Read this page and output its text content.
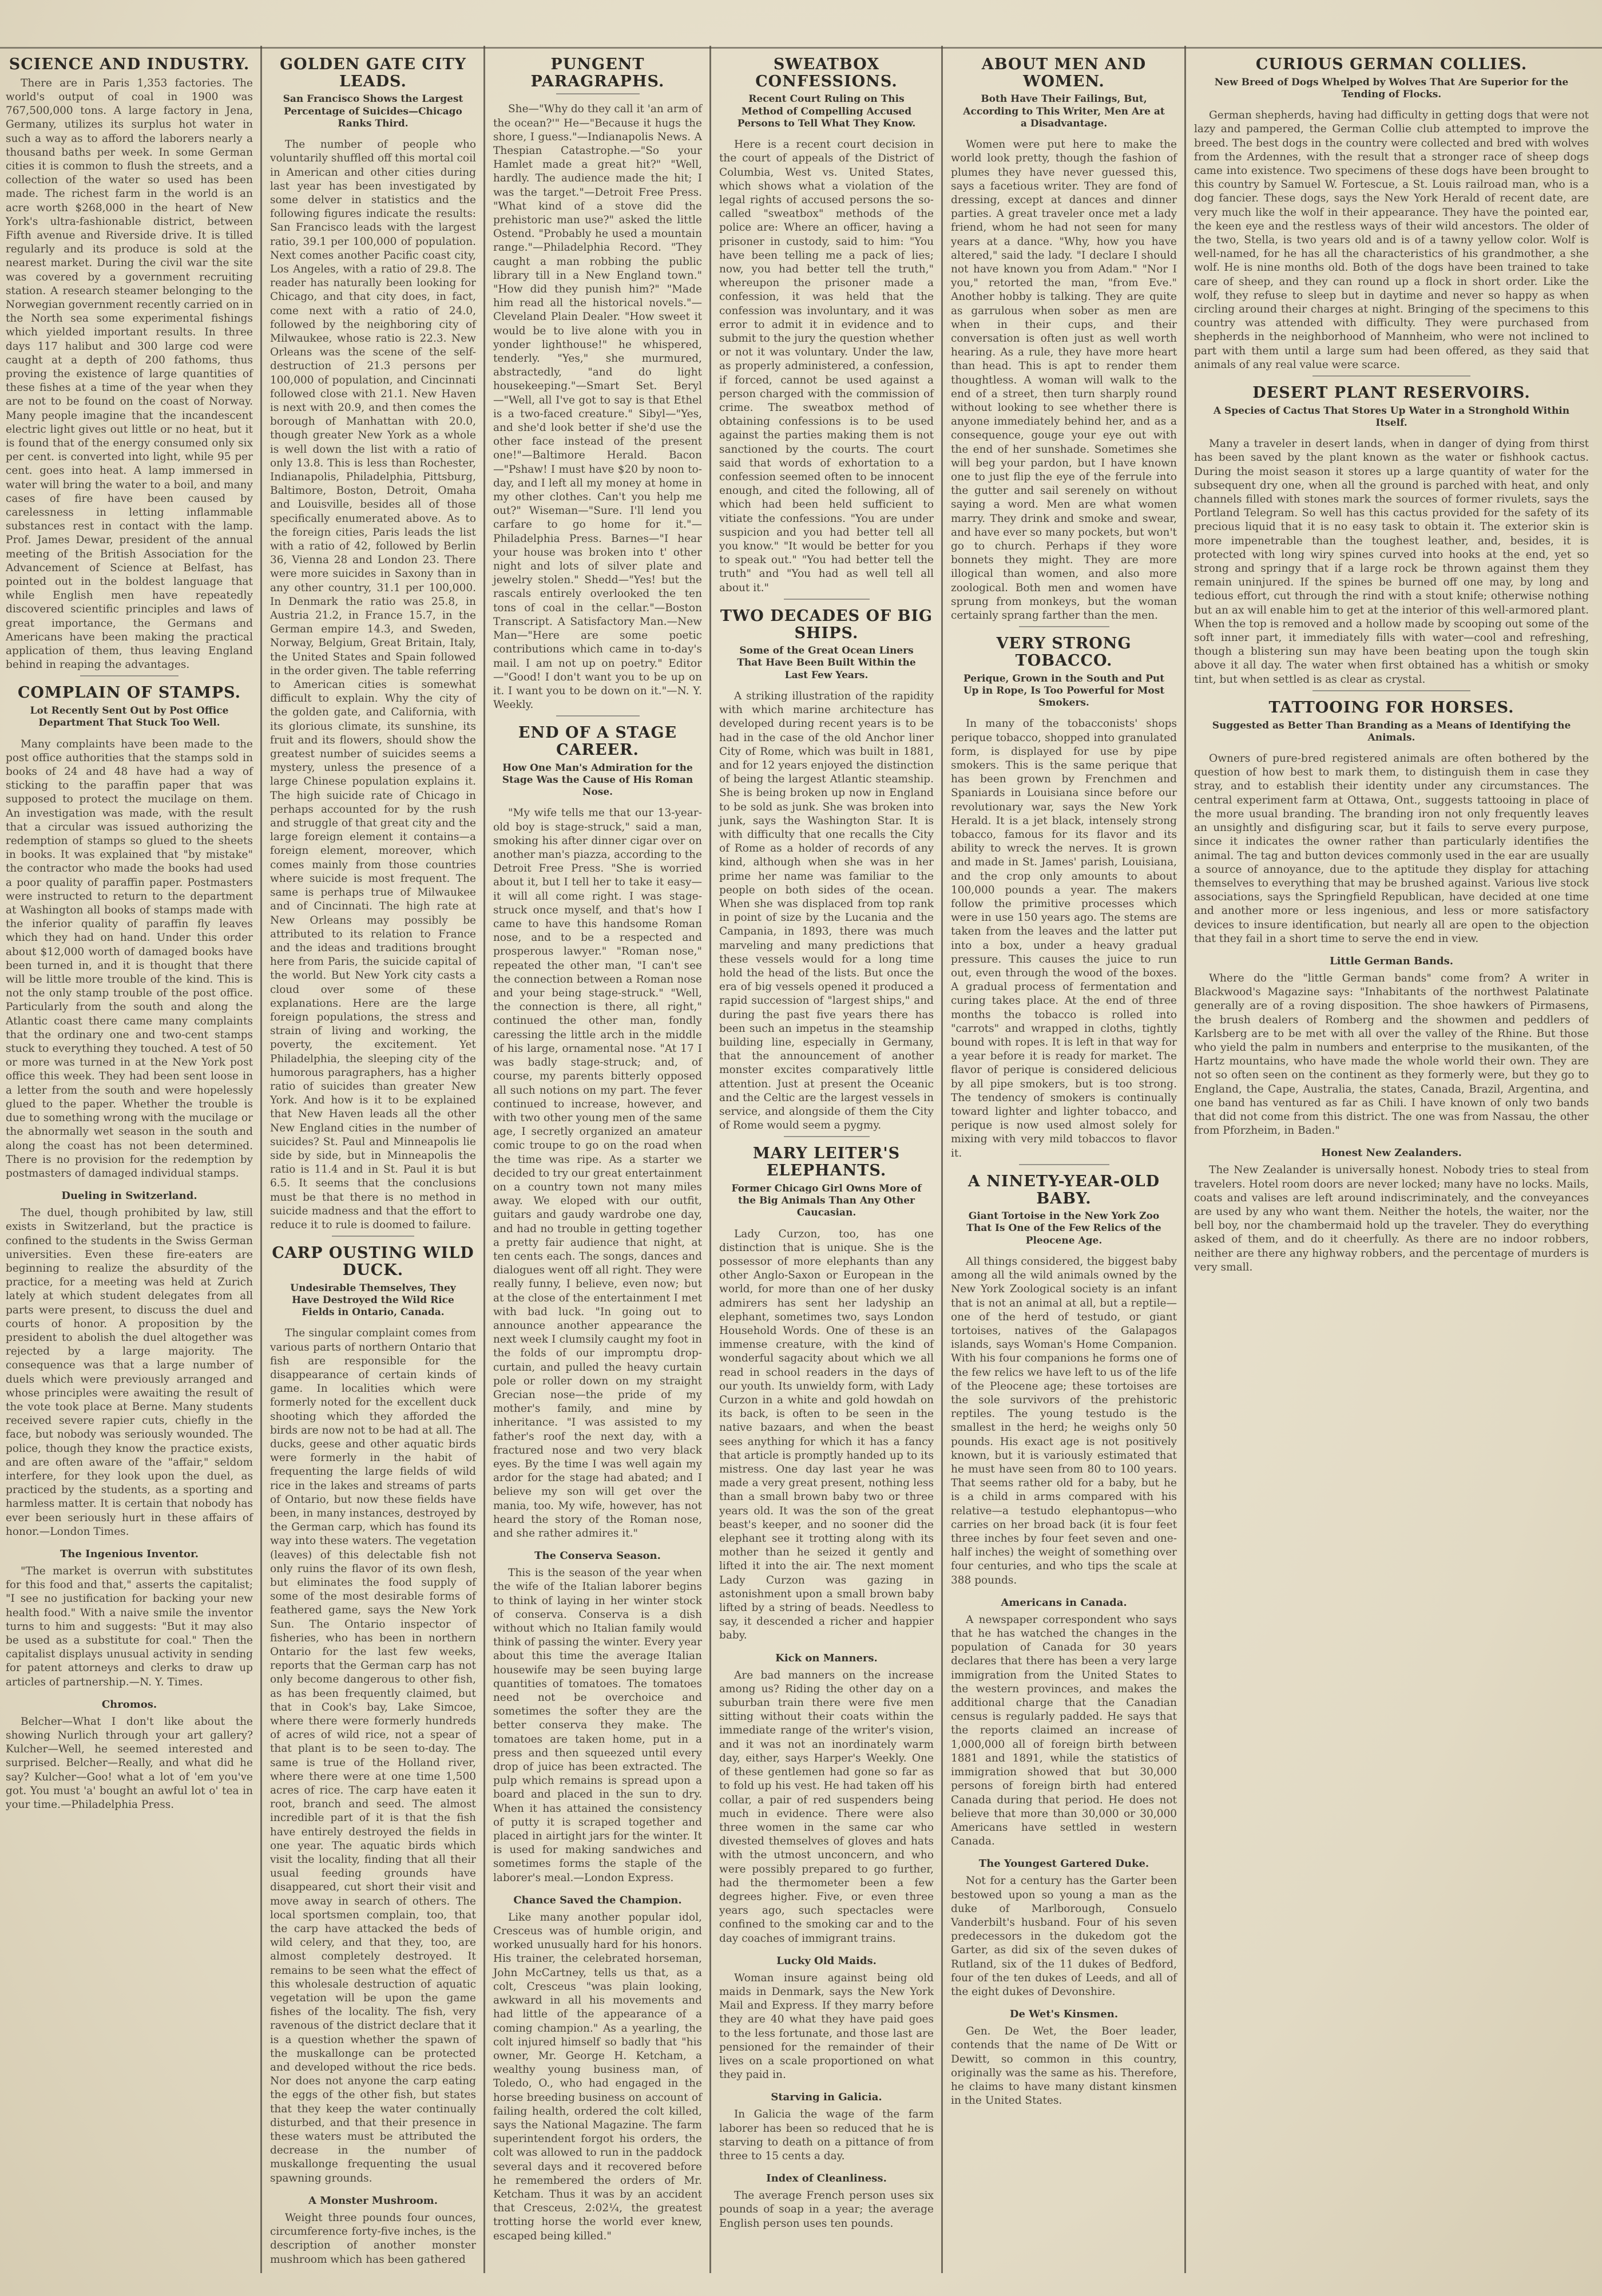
SCIENCE AND INDUSTRY.

There are in Paris 1,353 factories. The world's output of coal in 1900 was 767,500,000 tons. A large factory in Jena, Germany, utilizes its surplus hot water in such a way as to afford the laborers nearly a thousand baths per week. In some German cities it is common to flush the streets, and a collection of the water so used has been made. The richest farm in the world is an acre worth $268,000 in the heart of New York's ultra-fashionable district, between Fifth avenue and Riverside drive. It is tilled regularly and its produce is sold at the nearest market. During the civil war the site was covered by a government recruiting station. A research steamer belonging to the Norwegian government recently carried on in the North sea some experimental fishings which yielded important results. In three days 117 halibut and 300 large cod were caught at a depth of 200 fathoms, thus proving the existence of large quantities of these fishes at a time of the year when they are not to be found on the coast of Norway. Many people imagine that the incandescent electric light gives out little or no heat, but it is found that of the energy consumed only six per cent. is converted into light, while 95 per cent. goes into heat. A lamp immersed in water will bring the water to a boil, and many cases of fire have been caused by carelessness in letting inflammable substances rest in contact with the lamp. Prof. James Dewar, president of the annual meeting of the British Association for the Advancement of Science at Belfast, has pointed out in the boldest language that while English men have repeatedly discovered scientific principles and laws of great importance, the Germans and Americans have been making the practical application of them, thus leaving England behind in reaping the advantages.

COMPLAIN OF STAMPS.
Lot Recently Sent Out by Post Office Department That Stuck Too Well.

Many complaints have been made to the post office authorities that the stamps sold in books of 24 and 48 have had a way of sticking to the paraffin paper that was supposed to protect the mucilage on them. An investigation was made, with the result that a circular was issued authorizing the redemption of stamps so glued to the sheets in books. It was explained that "by mistake" the contractor who made the books had used a poor quality of paraffin paper. Postmasters were instructed to return to the department at Washington all books of stamps made with the inferior quality of paraffin fly leaves which they had on hand. Under this order about $12,000 worth of damaged books have been turned in, and it is thought that there will be little more trouble of the kind. This is not the only stamp trouble of the post office. Particularly from the south and along the Atlantic coast there came many complaints that the ordinary one and two-cent stamps stuck to everything they touched. A test of 50 or more was turned in at the New York post office this week. They had been sent loose in a letter from the south and were hopelessly glued to the paper. Whether the trouble is due to something wrong with the mucilage or the abnormally wet season in the south and along the coast has not been determined. There is no provision for the redemption by postmasters of damaged individual stamps.

Dueling in Switzerland.

The duel, though prohibited by law, still exists in Switzerland, but the practice is confined to the students in the Swiss German universities. Even these fire-eaters are beginning to realize the absurdity of the practice, for a meeting was held at Zurich lately at which student delegates from all parts were present, to discuss the duel and courts of honor. A proposition by the president to abolish the duel altogether was rejected by a large majority. The consequence was that a large number of duels which were previously arranged and whose principles were awaiting the result of the vote took place at Berne. Many students received severe rapier cuts, chiefly in the face, but nobody was seriously wounded. The police, though they know the practice exists, and are often aware of the "affair," seldom interfere, for they look upon the duel, as practiced by the students, as a sporting and harmless matter. It is certain that nobody has ever been seriously hurt in these affairs of honor.—London Times.

The Ingenious Inventor.

"The market is overrun with substitutes for this food and that," asserts the capitalist; "I see no justification for backing your new health food." With a naive smile the inventor turns to him and suggests: "But it may also be used as a substitute for coal." Then the capitalist displays unusual activity in sending for patent attorneys and clerks to draw up articles of partnership.—N. Y. Times.

Chromos.

Belcher—What I don't like about the showing Nurlich through your art gallery? Kulcher—Well, he seemed interested and surprised. Belcher—Really, and what did he say? Kulcher—Goo! what a lot of 'em you've got. You must 'a' bought an awful lot o' tea in your time.—Philadelphia Press.

GOLDEN GATE CITY LEADS.
San Francisco Shows the Largest Percentage of Suicides—Chicago Ranks Third.

The number of people who voluntarily shuffled off this mortal coil in American and other cities during last year has been investigated by some delver in statistics and the following figures indicate the results: San Francisco leads with the largest ratio, 39.1 per 100,000 of population. Next comes another Pacific coast city, Los Angeles, with a ratio of 29.8. The reader has naturally been looking for Chicago, and that city does, in fact, come next with a ratio of 24.0, followed by the neighboring city of Milwaukee, whose ratio is 22.3. New Orleans was the scene of the self-destruction of 21.3 persons per 100,000 of population, and Cincinnati followed close with 21.1. New Haven is next with 20.9, and then comes the borough of Manhattan with 20.0, though greater New York as a whole is well down the list with a ratio of only 13.8. This is less than Rochester, Indianapolis, Philadelphia, Pittsburg, Baltimore, Boston, Detroit, Omaha and Louisville, besides all of those specifically enumerated above. As to the foreign cities, Paris leads the list with a ratio of 42, followed by Berlin 36, Vienna 28 and London 23. There were more suicides in Saxony than in any other country, 31.1 per 100,000. In Denmark the ratio was 25.8, in Austria 21.2, in France 15.7, in the German empire 14.3, and Sweden, Norway, Belgium, Great Britain, Italy, the United States and Spain followed in the order given. The table referring to American cities is somewhat difficult to explain. Why the city of the golden gate, and California, with its glorious climate, its sunshine, its fruit and its flowers, should show the greatest number of suicides seems a mystery, unless the presence of a large Chinese population explains it. The high suicide rate of Chicago in perhaps accounted for by the rush and struggle of that great city and the large foreign element it contains—a foreign element, moreover, which comes mainly from those countries where suicide is most frequent. The same is perhaps true of Milwaukee and of Cincinnati. The high rate at New Orleans may possibly be attributed to its relation to France and the ideas and traditions brought here from Paris, the suicide capital of the world. But New York city casts a cloud over some of these explanations. Here are the large foreign populations, the stress and strain of living and working, the poverty, the excitement. Yet Philadelphia, the sleeping city of the humorous paragraphers, has a higher ratio of suicides than greater New York. And how is it to be explained that New Haven leads all the other New England cities in the number of suicides? St. Paul and Minneapolis lie side by side, but in Minneapolis the ratio is 11.4 and in St. Paul it is but 6.5. It seems that the conclusions must be that there is no method in suicide madness and that the effort to reduce it to rule is doomed to failure.

CARP OUSTING WILD DUCK.
Undesirable Themselves, They Have Destroyed the Wild Rice Fields in Ontario, Canada.

The singular complaint comes from various parts of northern Ontario that fish are responsible for the disappearance of certain kinds of game. In localities which were formerly noted for the excellent duck shooting which they afforded the birds are now not to be had at all. The ducks, geese and other aquatic birds were formerly in the habit of frequenting the large fields of wild rice in the lakes and streams of parts of Ontario, but now these fields have been, in many instances, destroyed by the German carp, which has found its way into these waters. The vegetation (leaves) of this delectable fish not only ruins the flavor of its own flesh, but eliminates the food supply of some of the most desirable forms of feathered game, says the New York Sun. The Ontario inspector of fisheries, who has been in northern Ontario for the last few weeks, reports that the German carp has not only become dangerous to other fish, as has been frequently claimed, but that in Cook's bay, Lake Simcoe, where there were formerly hundreds of acres of wild rice, not a spear of that plant is to be seen to-day. The same is true of the Holland river, where there were at one time 1,500 acres of rice. The carp have eaten it root, branch and seed. The almost incredible part of it is that the fish have entirely destroyed the fields in one year. The aquatic birds which visit the locality, finding that all their usual feeding grounds have disappeared, cut short their visit and move away in search of others. The local sportsmen complain, too, that the carp have attacked the beds of wild celery, and that they, too, are almost completely destroyed. It remains to be seen what the effect of this wholesale destruction of aquatic vegetation will be upon the game fishes of the locality. The fish, very ravenous of the district declare that it is a question whether the spawn of the muskallonge can be protected and developed without the rice beds. Nor does not anyone the carp eating the eggs of the other fish, but states that they keep the water continually disturbed, and that their presence in these waters must be attributed the decrease in the number of muskallonge frequenting the usual spawning grounds.

A Monster Mushroom.

Weight three pounds four ounces, circumference forty-five inches, is the description of another monster mushroom which has been gathered

PUNGENT PARAGRAPHS.

She—"Why do they call it 'an arm of the ocean?'" He—"Because it hugs the shore, I guess."—Indianapolis News. A Thespian Catastrophe.—"So your Hamlet made a great hit?" "Well, hardly. The audience made the hit; I was the target."—Detroit Free Press. "What kind of a stove did the prehistoric man use?" asked the little Ostend. "Probably he used a mountain range."—Philadelphia Record. "They caught a man robbing the public library till in a New England town." "How did they punish him?" "Made him read all the historical novels."—Cleveland Plain Dealer. "How sweet it would be to live alone with you in yonder lighthouse!" he whispered, tenderly. "Yes," she murmured, abstractedly, "and do light housekeeping."—Smart Set. Beryl—"Well, all I've got to say is that Ethel is a two-faced creature." Sibyl—"Yes, and she'd look better if she'd use the other face instead of the present one!"—Baltimore Herald. Bacon—"Pshaw! I must have $20 by noon to-day, and I left all my money at home in my other clothes. Can't you help me out?" Wiseman—"Sure. I'll lend you carfare to go home for it."—Philadelphia Press. Barnes—"I hear your house was broken into t' other night and lots of silver plate and jewelry stolen." Shedd—"Yes! but the rascals entirely overlooked the ten tons of coal in the cellar."—Boston Transcript. A Satisfactory Man.—New Man—"Here are some poetic contributions which came in to-day's mail. I am not up on poetry." Editor—"Good! I don't want you to be up on it. I want you to be down on it."—N. Y. Weekly.

END OF A STAGE CAREER.
How One Man's Admiration for the Stage Was the Cause of His Roman Nose.

"My wife tells me that our 13-year-old boy is stage-struck," said a man, smoking his after dinner cigar over on another man's piazza, according to the Detroit Free Press. "She is worried about it, but I tell her to take it easy—it will all come right. I was stage-struck once myself, and that's how I came to have this handsome Roman nose, and to be a respected and prosperous lawyer." "Roman nose," repeated the other man, "I can't see the connection between a Roman nose and your being stage-struck." "Well, the connection is there, all right," continued the other man, fondly caressing the little arch in the middle of his large, ornamental nose. "At 17 I was badly stage-struck; and, of course, my parents bitterly opposed all such notions on my part. The fever continued to increase, however, and with two other young men of the same age, I secretly organized an amateur comic troupe to go on the road when the time was ripe. As a starter we decided to try our great entertainment on a country town not many miles away. We eloped with our outfit, guitars and gaudy wardrobe one day, and had no trouble in getting together a pretty fair audience that night, at ten cents each. The songs, dances and dialogues went off all right. They were really funny, I believe, even now; but at the close of the entertainment I met with bad luck. "In going out to announce another appearance the next week I clumsily caught my foot in the folds of our impromptu drop-curtain, and pulled the heavy curtain pole or roller down on my straight Grecian nose—the pride of my mother's family, and mine by inheritance. "I was assisted to my father's roof the next day, with a fractured nose and two very black eyes. By the time I was well again my ardor for the stage had abated; and I believe my son will get over the mania, too. My wife, however, has not heard the story of the Roman nose, and she rather admires it."

The Conserva Season.

This is the season of the year when the wife of the Italian laborer begins to think of laying in her winter stock of conserva. Conserva is a dish without which no Italian family would think of passing the winter. Every year about this time the average Italian housewife may be seen buying large quantities of tomatoes. The tomatoes need not be overchoice and sometimes the softer they are the better conserva they make. The tomatoes are taken home, put in a press and then squeezed until every drop of juice has been extracted. The pulp which remains is spread upon a board and placed in the sun to dry. When it has attained the consistency of putty it is scraped together and placed in airtight jars for the winter. It is used for making sandwiches and sometimes forms the staple of the laborer's meal.—London Express.

Chance Saved the Champion.

Like many another popular idol, Cresceus was of humble origin, and worked unusually hard for his honors. His trainer, the celebrated horseman, John McCartney, tells us that, as a colt, Cresceus "was plain looking, awkward in all his movements and had little of the appearance of a coming champion." As a yearling, the colt injured himself so badly that "his owner, Mr. George H. Ketcham, a wealthy young business man, of Toledo, O., who had engaged in the horse breeding business on account of failing health, ordered the colt killed, says the National Magazine. The farm superintendent forgot his orders, the colt was allowed to run in the paddock several days and it recovered before he remembered the orders of Mr. Ketcham. Thus it was by an accident that Cresceus, 2:02¼, the greatest trotting horse the world ever knew, escaped being killed."

SWEATBOX CONFESSIONS.
Recent Court Ruling on This Method of Compelling Accused Persons to Tell What They Know.

Here is a recent court decision in the court of appeals of the District of Columbia, West vs. United States, which shows what a violation of the legal rights of accused persons the so-called "sweatbox" methods of the police are: Where an officer, having a prisoner in custody, said to him: "You have been telling me a pack of lies; now, you had better tell the truth," whereupon the prisoner made a confession, it was held that the confession was involuntary, and it was error to admit it in evidence and to submit to the jury the question whether or not it was voluntary. Under the law, as properly administered, a confession, if forced, cannot be used against a person charged with the commission of crime. The sweatbox method of obtaining confessions is to be used against the parties making them is not sanctioned by the courts. The court said that words of exhortation to a confession seemed often to be innocent enough, and cited the following, all of which had been held sufficient to vitiate the confessions. "You are under suspicion and you had better tell all you know." "It would be better for you to speak out." "You had better tell the truth" and "You had as well tell all about it."

TWO DECADES OF BIG SHIPS.
Some of the Great Ocean Liners That Have Been Built Within the Last Few Years.

A striking illustration of the rapidity with which marine architecture has developed during recent years is to be had in the case of the old Anchor liner City of Rome, which was built in 1881, and for 12 years enjoyed the distinction of being the largest Atlantic steamship. She is being broken up now in England to be sold as junk. She was broken into junk, says the Washington Star. It is with difficulty that one recalls the City of Rome as a holder of records of any kind, although when she was in her prime her name was familiar to the people on both sides of the ocean. When she was displaced from top rank in point of size by the Lucania and the Campania, in 1893, there was much marveling and many predictions that these vessels would for a long time hold the head of the lists. But once the era of big vessels opened it produced a rapid succession of "largest ships," and during the past five years there has been such an impetus in the steamship building line, especially in Germany, that the announcement of another monster excites comparatively little attention. Just at present the Oceanic and the Celtic are the largest vessels in service, and alongside of them the City of Rome would seem a pygmy.

MARY LEITER'S ELEPHANTS.
Former Chicago Girl Owns More of the Big Animals Than Any Other Caucasian.

Lady Curzon, too, has one distinction that is unique. She is the possessor of more elephants than any other Anglo-Saxon or European in the world, for more than one of her dusky admirers has sent her ladyship an elephant, sometimes two, says London Household Words. One of these is an immense creature, with the kind of wonderful sagacity about which we all read in school readers in the days of our youth. Its unwieldy form, with Lady Curzon in a white and gold howdah on its back, is often to be seen in the native bazaars, and when the beast sees anything for which it has a fancy that article is promptly handed up to its mistress. One day last year he was made a very great present, nothing less than a small brown baby two or three years old. It was the son of the great beast's keeper, and no sooner did the elephant see it trotting along with its mother than he seized it gently and lifted it into the air. The next moment Lady Curzon was gazing in astonishment upon a small brown baby lifted by a string of beads. Needless to say, it descended a richer and happier baby.

Kick on Manners.

Are bad manners on the increase among us? Riding the other day on a suburban train there were five men sitting without their coats within the immediate range of the writer's vision, and it was not an inordinately warm day, either, says Harper's Weekly. One of these gentlemen had gone so far as to fold up his vest. He had taken off his collar, a pair of red suspenders being much in evidence. There were also three women in the same car who divested themselves of gloves and hats with the utmost unconcern, and who were possibly prepared to go further, had the thermometer been a few degrees higher. Five, or even three years ago, such spectacles were confined to the smoking car and to the day coaches of immigrant trains.

Lucky Old Maids.

Woman insure against being old maids in Denmark, says the New York Mail and Express. If they marry before they are 40 what they have paid goes to the less fortunate, and those last are pensioned for the remainder of their lives on a scale proportioned on what they paid in.

Starving in Galicia.

In Galicia the wage of the farm laborer has been so reduced that he is starving to death on a pittance of from three to 15 cents a day.

Index of Cleanliness.

The average French person uses six pounds of soap in a year; the average English person uses ten pounds.

ABOUT MEN AND WOMEN.
Both Have Their Failings, But, According to This Writer, Men Are at a Disadvantage.

Women were put here to make the world look pretty, though the fashion of plumes they have never guessed this, says a facetious writer. They are fond of dressing, except at dances and dinner parties. A great traveler once met a lady friend, whom he had not seen for many years at a dance. "Why, how you have altered," said the lady. "I declare I should not have known you from Adam." "Nor I you," retorted the man, "from Eve." Another hobby is talking. They are quite as garrulous when sober as men are when in their cups, and their conversation is often just as well worth hearing. As a rule, they have more heart than head. This is apt to render them thoughtless. A woman will walk to the end of a street, then turn sharply round without looking to see whether there is anyone immediately behind her, and as a consequence, gouge your eye out with the end of her sunshade. Sometimes she will beg your pardon, but I have known one to just flip the eye of the ferrule into the gutter and sail serenely on without saying a word. Men are what women marry. They drink and smoke and swear, and have ever so many pockets, but won't go to church. Perhaps if they wore bonnets they might. They are more illogical than women, and also more zoological. Both men and women have sprung from monkeys, but the woman certainly sprang farther than the men.

VERY STRONG TOBACCO.
Perique, Grown in the South and Put Up in Rope, Is Too Powerful for Most Smokers.

In many of the tobacconists' shops perique tobacco, shopped into granulated form, is displayed for use by pipe smokers. This is the same perique that has been grown by Frenchmen and Spaniards in Louisiana since before our revolutionary war, says the New York Herald. It is a jet black, intensely strong tobacco, famous for its flavor and its ability to wreck the nerves. It is grown and made in St. James' parish, Louisiana, and the crop only amounts to about 100,000 pounds a year. The makers follow the primitive processes which were in use 150 years ago. The stems are taken from the leaves and the latter put into a box, under a heavy gradual pressure. This causes the juice to run out, even through the wood of the boxes. A gradual process of fermentation and curing takes place. At the end of three months the tobacco is rolled into "carrots" and wrapped in cloths, tightly bound with ropes. It is left in that way for a year before it is ready for market. The flavor of perique is considered delicious by all pipe smokers, but is too strong. The tendency of smokers is continually toward lighter and lighter tobacco, and perique is now used almost solely for mixing with very mild tobaccos to flavor it.

A NINETY-YEAR-OLD BABY.
Giant Tortoise in the New York Zoo That Is One of the Few Relics of the Pleocene Age.

All things considered, the biggest baby among all the wild animals owned by the New York Zoological society is an infant that is not an animal at all, but a reptile—one of the herd of testudo, or giant tortoises, natives of the Galapagos islands, says Woman's Home Companion. With his four companions he forms one of the few relics we have left to us of the life of the Pleocene age; these tortoises are the sole survivors of the prehistoric reptiles. The young testudo is the smallest in the herd; he weighs only 50 pounds. His exact age is not positively known, but it is variously estimated that he must have seen from 80 to 100 years. That seems rather old for a baby, but he is a child in arms compared with his relative—a testudo elephantopus—who carries on her broad back (it is four feet three inches by four feet seven and one-half inches) the weight of something over four centuries, and who tips the scale at 388 pounds.

Americans in Canada.

A newspaper correspondent who says that he has watched the changes in the population of Canada for 30 years declares that there has been a very large immigration from the United States to the western provinces, and makes the additional charge that the Canadian census is regularly padded. He says that the reports claimed an increase of 1,000,000 all of foreign birth between 1881 and 1891, while the statistics of immigration showed that but 30,000 persons of foreign birth had entered Canada during that period. He does not believe that more than 30,000 or 30,000 Americans have settled in western Canada.

The Youngest Gartered Duke.

Not for a century has the Garter been bestowed upon so young a man as the duke of Marlborough, Consuelo Vanderbilt's husband. Four of his seven predecessors in the dukedom got the Garter, as did six of the seven dukes of Rutland, six of the 11 dukes of Bedford, four of the ten dukes of Leeds, and all of the eight dukes of Devonshire.

De Wet's Kinsmen.

Gen. De Wet, the Boer leader, contends that the name of De Witt or Dewitt, so common in this country, originally was the same as his. Therefore, he claims to have many distant kinsmen in the United States.

CURIOUS GERMAN COLLIES.
New Breed of Dogs Whelped by Wolves That Are Superior for the Tending of Flocks.

German shepherds, having had difficulty in getting dogs that were not lazy and pampered, the German Collie club attempted to improve the breed. The best dogs in the country were collected and bred with wolves from the Ardennes, with the result that a stronger race of sheep dogs came into existence. Two specimens of these dogs have been brought to this country by Samuel W. Fortescue, a St. Louis railroad man, who is a dog fancier. These dogs, says the New York Herald of recent date, are very much like the wolf in their appearance. They have the pointed ear, the keen eye and the restless ways of their wild ancestors. The older of the two, Stella, is two years old and is of a tawny yellow color. Wolf is well-named, for he has all the characteristics of his grandmother, a she wolf. He is nine months old. Both of the dogs have been trained to take care of sheep, and they can round up a flock in short order. Like the wolf, they refuse to sleep but in daytime and never so happy as when circling around their charges at night. Bringing of the specimens to this country was attended with difficulty. They were purchased from shepherds in the neighborhood of Mannheim, who were not inclined to part with them until a large sum had been offered, as they said that animals of any real value were scarce.

DESERT PLANT RESERVOIRS.
A Species of Cactus That Stores Up Water in a Stronghold Within Itself.

Many a traveler in desert lands, when in danger of dying from thirst has been saved by the plant known as the water or fishhook cactus. During the moist season it stores up a large quantity of water for the subsequent dry one, when all the ground is parched with heat, and only channels filled with stones mark the sources of former rivulets, says the Portland Telegram. So well has this cactus provided for the safety of its precious liquid that it is no easy task to obtain it. The exterior skin is more impenetrable than the toughest leather, and, besides, it is protected with long wiry spines curved into hooks at the end, yet so strong and springy that if a large rock be thrown against them they remain uninjured. If the spines be burned off one may, by long and tedious effort, cut through the rind with a stout knife; otherwise nothing but an ax will enable him to get at the interior of this well-armored plant. When the top is removed and a hollow made by scooping out some of the soft inner part, it immediately fills with water—cool and refreshing, though a blistering sun may have been beating upon the tough skin above it all day. The water when first obtained has a whitish or smoky tint, but when settled is as clear as crystal.

TATTOOING FOR HORSES.
Suggested as Better Than Branding as a Means of Identifying the Animals.

Owners of pure-bred registered animals are often bothered by the question of how best to mark them, to distinguish them in case they stray, and to establish their identity under any circumstances. The central experiment farm at Ottawa, Ont., suggests tattooing in place of the more usual branding. The branding iron not only frequently leaves an unsightly and disfiguring scar, but it fails to serve every purpose, since it indicates the owner rather than particularly identifies the animal. The tag and button devices commonly used in the ear are usually a source of annoyance, due to the aptitude they display for attaching themselves to everything that may be brushed against. Various live stock associations, says the Springfield Republican, have decided at one time and another more or less ingenious, and less or more satisfactory devices to insure identification, but nearly all are open to the objection that they fail in a short time to serve the end in view.

Little German Bands.

Where do the "little German bands" come from? A writer in Blackwood's Magazine says: "Inhabitants of the northwest Palatinate generally are of a roving disposition. The shoe hawkers of Pirmasens, the brush dealers of Romberg and the showmen and peddlers of Karlsberg are to be met with all over the valley of the Rhine. But those who yield the palm in numbers and enterprise to the musikanten, of the Hartz mountains, who have made the whole world their own. They are not so often seen on the continent as they formerly were, but they go to England, the Cape, Australia, the states, Canada, Brazil, Argentina, and one band has ventured as far as Chili. I have known of only two bands that did not come from this district. The one was from Nassau, the other from Pforzheim, in Baden."

Honest New Zealanders.

The New Zealander is universally honest. Nobody tries to steal from travelers. Hotel room doors are never locked; many have no locks. Mails, coats and valises are left around indiscriminately, and the conveyances are used by any who want them. Neither the hotels, the waiter, nor the bell boy, nor the chambermaid hold up the traveler. They do everything asked of them, and do it cheerfully. As there are no indoor robbers, neither are there any highway robbers, and the percentage of murders is very small.
